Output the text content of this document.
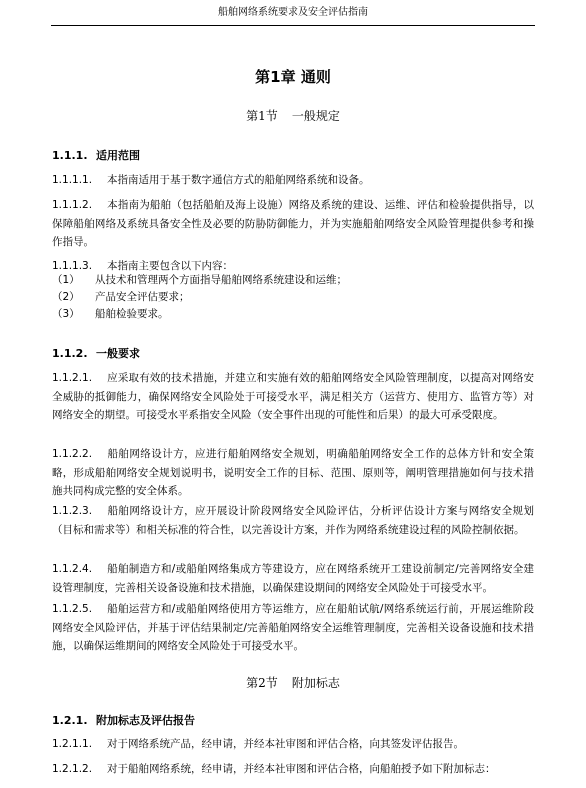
船舶网络系统要求及安全评估指南
第1章 通则
第1节 一般规定
1.1.1. 适用范围
1.1.1.1. 本指南适用于基于数字通信方式的船舶网络系统和设备。
1.1.1.2. 本指南为船舶（包括船舶及海上设施）网络及系统的建设、运维、评估和检验提供指导，以保障船舶网络及系统具备安全性及必要的防胁防御能力，并为实施船舶网络安全风险管理提供参考和操作指导。
1.1.1.3. 本指南主要包含以下内容：
（1） 从技术和管理两个方面指导船舶网络系统建设和运维；
（2） 产品安全评估要求；
（3） 船舶检验要求。
1.1.2. 一般要求
1.1.2.1. 应采取有效的技术措施，并建立和实施有效的船舶网络安全风险管理制度，以提高对网络安全威胁的抵御能力，确保网络安全风险处于可接受水平，满足相关方（运营方、使用方、监管方等）对网络安全的期望。可接受水平系指安全风险（安全事件出现的可能性和后果）的最大可承受限度。
1.1.2.2. 船舶网络设计方，应进行船舶网络安全规划，明确船舶网络安全工作的总体方针和安全策略，形成船舶网络安全规划说明书，说明安全工作的目标、范围、原则等，阐明管理措施如何与技术措施共同构成完整的安全体系。
1.1.2.3. 船舶网络设计方，应开展设计阶段网络安全风险评估，分析评估设计方案与网络安全规划（目标和需求等）和相关标准的符合性，以完善设计方案，并作为网络系统建设过程的风险控制依据。
1.1.2.4. 船舶制造方和/或船舶网络集成方等建设方，应在网络系统开工建设前制定/完善网络安全建设管理制度，完善相关设备设施和技术措施，以确保建设期间的网络安全风险处于可接受水平。
1.1.2.5. 船舶运营方和/或船舶网络使用方等运维方，应在船舶试航/网络系统运行前，开展运维阶段网络安全风险评估，并基于评估结果制定/完善船舶网络安全运维管理制度，完善相关设备设施和技术措施，以确保运维期间的网络安全风险处于可接受水平。
第2节 附加标志
1.2.1. 附加标志及评估报告
1.2.1.1. 对于网络系统产品，经申请，并经本社审图和评估合格，向其签发评估报告。
1.2.1.2. 对于船舶网络系统，经申请，并经本社审图和评估合格，向船舶授予如下附加标志：
